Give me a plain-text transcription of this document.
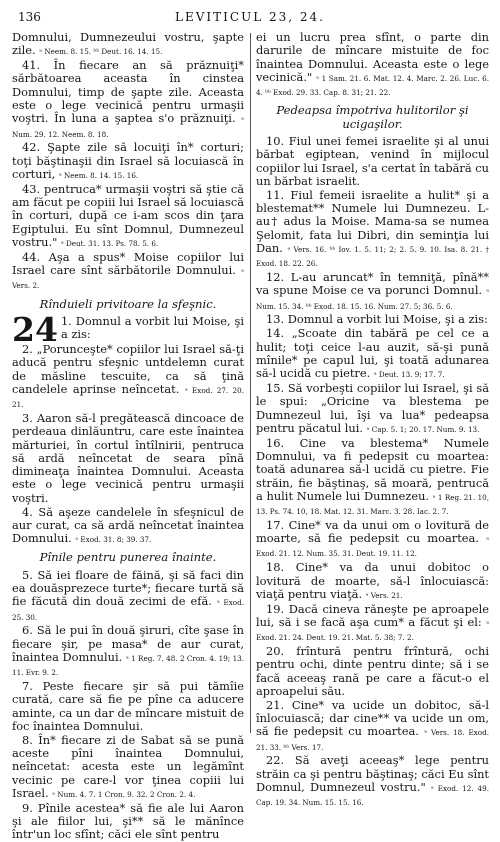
136	LEVITICUL 23, 24.

Domnului, Dumnezeului vostru, şapte zile. ᵃ Neem. 8. 15. ᵇᵇ Deut. 16. 14. 15.

41. În fiecare an să prăznuiţi* sărbătoarea aceasta în cinstea Domnului, timp de şapte zile. Aceasta este o lege vecinică pentru urmaşii voştri. În luna a şaptea s'o prăznuiţi. ᵃ Num. 29. 12. Neem. 8. 18.

42. Şapte zile să locuiţi în* corturi; toţi băştinaşii din Israel să locuiască în corturi, ᵃ Neem. 8. 14. 15. 16.

43. pentruca* urmaşii voştri să ştie că am făcut pe copiii lui Israel să locuiască în corturi, după ce i-am scos din ţara Egiptului. Eu sînt Domnul, Dumnezeul vostru." ᵃ Deut. 31. 13. Ps. 78. 5. 6.

44. Aşa a spus* Moise copiilor lui Israel care sînt sărbătorile Domnului. ᵃ Vers. 2.

Rînduieli privitoare la sfeşnic.
24 1. Domnul a vorbit lui Moise, şi a zis:

2. „Porunceşte* copiilor lui Israel să-ţi aducă pentru sfeşnic untdelemn curat de măsline tescuite, ca să ţină candelele aprinse neîncetat. ᵃ Exod. 27. 20. 21.

3. Aaron să-l pregătească dincoace de perdeaua dinlăuntru, care este înaintea mărturiei, în cortul întîlnirii, pentruca să ardă neîncetat de seara pînă dimineaţa înaintea Domnului. Aceasta este o lege vecinică pentru urmaşii voştri.

4. Să aşeze candelele în sfeşnicul de aur curat, ca să ardă neîncetat înaintea Domnului. ᵃ Exod. 31. 8; 39. 37.

Pînile pentru punerea înainte.

5. Să iei floare de făină, şi să faci din ea douăsprezece turte*; fiecare turtă să fie făcută din două zecimi de efă. ᵃ Exod. 25. 30.

6. Să le pui în două şiruri, cîte şase în fiecare şir, pe masa* de aur curat, înaintea Domnului. ᵃ 1 Reg. 7. 48. 2 Cron. 4. 19; 13. 11. Evr. 9. 2.

7. Peste fiecare şir să pui tămîie curată, care să fie pe pîne ca aducere aminte, ca un dar de mîncare mistuit de foc înaintea Domnului.

8. În* fiecare zi de Sabat să se pună aceste pîni înaintea Domnului, neîncetat: acesta este un legămînt vecinic pe care-l vor ţinea copiii lui Israel. ᵃ Num. 4. 7. 1 Cron. 9. 32. 2 Cron. 2. 4.

9. Pînile acestea* să fie ale lui Aaron şi ale fiilor lui, şi** să le mănînce într'un loc sfînt; căci ele sînt pentru

ei un lucru prea sfînt, o parte din darurile de mîncare mistuite de foc înaintea Domnului. Aceasta este o lege vecinică." ᵃ 1 Sam. 21. 6. Mat. 12. 4. Marc. 2. 26. Luc. 6. 4. ᵇᵇ Exod. 29. 33. Cap. 8. 31; 21. 22.

Pedeapsa împotriva hulitorilor şi ucigaşilor.

10. Fiul unei femei israelite şi al unui bărbat egiptean, venind în mijlocul copiilor lui Israel, s'a certat în tabără cu un bărbat israelit.

11. Fiul femeii israelite a hulit* şi a blestemat** Numele lui Dumnezeu. L-au† adus la Moise. Mama-sa se numea Şelomit, fata lui Dibri, din seminţia lui Dan. ᵃ Vers. 16. ᵇᵇ Iov. 1. 5. 11; 2; 2. 5. 9. 10. Isa. 8. 21. † Exod. 18. 22. 26.

12. L-au aruncat* în temniţă, pînă** va spune Moise ce va porunci Domnul. ᵃ Num. 15. 34. ᵇᵇ Exod. 18. 15. 16. Num. 27. 5; 36. 5. 6.

13. Domnul a vorbit lui Moise, şi a zis:

14. „Scoate din tabără pe cel ce a hulit; toţi ceice l-au auzit, să-şi pună mînile* pe capul lui, şi toată adunarea să-l ucidă cu pietre. ᵃ Deut. 13. 9; 17. 7.

15. Să vorbeşti copiilor lui Israel, şi să le spui: „Oricine va blestema pe Dumnezeul lui, îşi va lua* pedeapsa pentru păcatul lui. ᵃ Cap. 5. 1; 20. 17. Num. 9. 13.

16. Cine va blestema* Numele Domnului, va fi pedepsit cu moartea: toată adunarea să-l ucidă cu pietre. Fie străin, fie băştinaş, să moară, pentrucă a hulit Numele lui Dumnezeu. ᵃ 1 Reg. 21. 10, 13. Ps. 74. 10, 18. Mat. 12. 31. Marc. 3. 28. Iac. 2. 7.

17. Cine* va da unui om o lovitură de moarte, să fie pedepsit cu moartea. ᵃ Exod. 21. 12. Num. 35. 31. Deut. 19. 11. 12.

18. Cine* va da unui dobitoc o lovitură de moarte, să-l înlocuiască: viaţă pentru viaţă. ᵃ Vers. 21.

19. Dacă cineva răneşte pe aproapele lui, să i se facă aşa cum* a făcut şi el: ᵃ Exod. 21. 24. Deut. 19. 21. Mat. 5. 38; 7. 2.

20. frîntură pentru frîntură, ochi pentru ochi, dinte pentru dinte; să i se facă aceeaş rană pe care a făcut-o el aproapelui său.

21. Cine* va ucide un dobitoc, să-l înlocuiască; dar cine** va ucide un om, să fie pedepsit cu moartea. ᵃ Vers. 18. Exod. 21. 33. ᵇᵇ Vers. 17.

22. Să aveţi aceeaş* lege pentru străin ca şi pentru băştinaş; căci Eu sînt Domnul, Dumnezeul vostru." ᵃ Exod. 12. 49. Cap. 19. 34. Num. 15. 15. 16.
